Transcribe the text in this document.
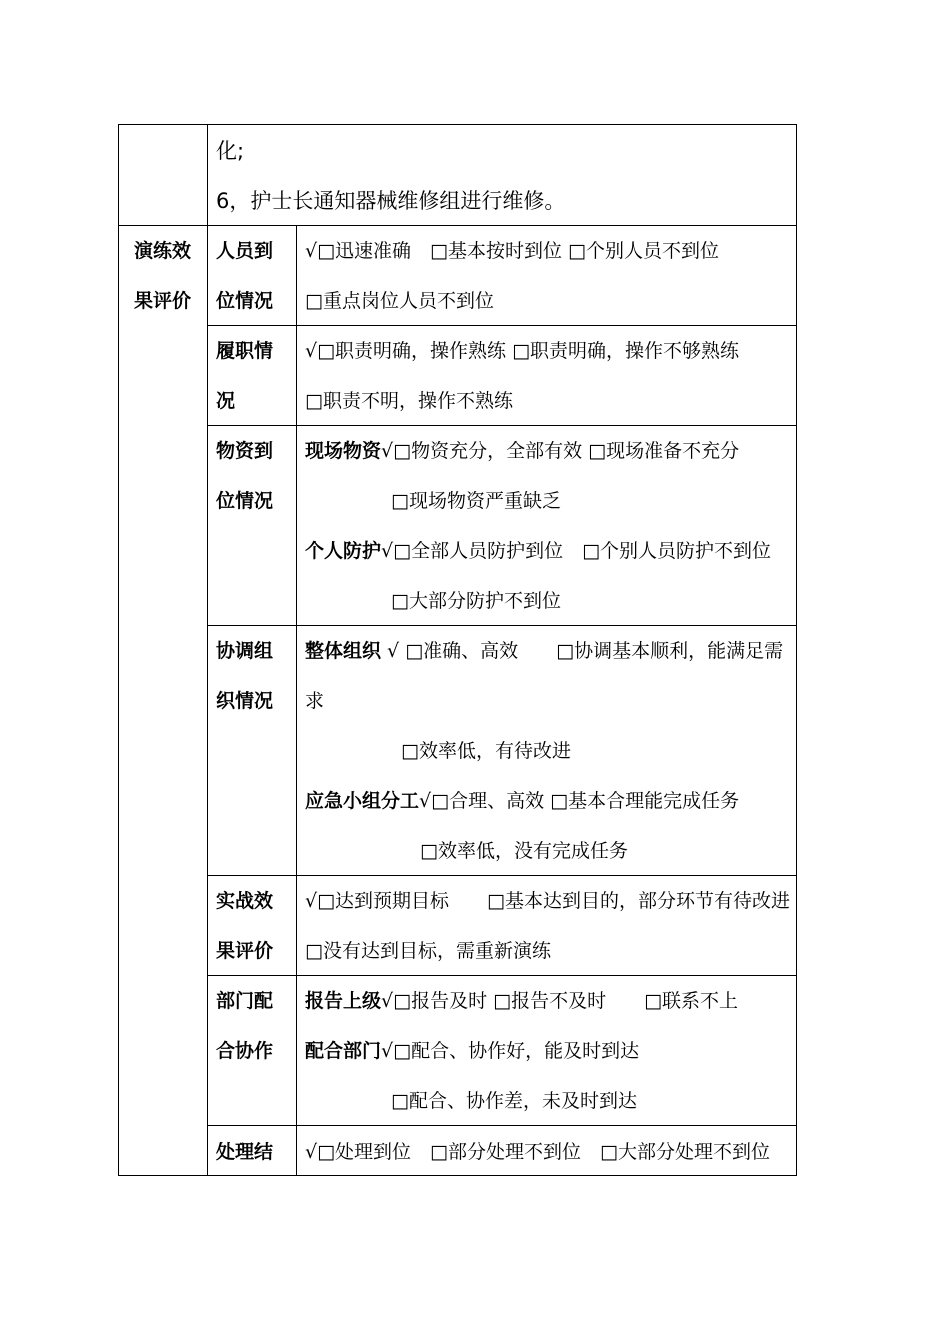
化;
6，护士长通知器械维修组进行维修。
演练效
果评价
人员到
位情况
√□迅速准确　□基本按时到位 □个别人员不到位
□重点岗位人员不到位
履职情
况
√□职责明确，操作熟练 □职责明确，操作不够熟练
□职责不明，操作不熟练
物资到
位情况
现场物资√□物资充分，全部有效 □现场准备不充分
□现场物资严重缺乏
个人防护√□全部人员防护到位　□个别人员防护不到位
□大部分防护不到位
协调组
织情况
整体组织 √ □准确、高效　　□协调基本顺利，能满足需
求
□效率低，有待改进
应急小组分工√□合理、高效 □基本合理能完成任务
□效率低，没有完成任务
实战效
果评价
√□达到预期目标　　□基本达到目的，部分环节有待改进
□没有达到目标，需重新演练
部门配
合协作
报告上级√□报告及时 □报告不及时　　□联系不上
配合部门√□配合、协作好，能及时到达
□配合、协作差，未及时到达
处理结 √□处理到位　□部分处理不到位　□大部分处理不到位
